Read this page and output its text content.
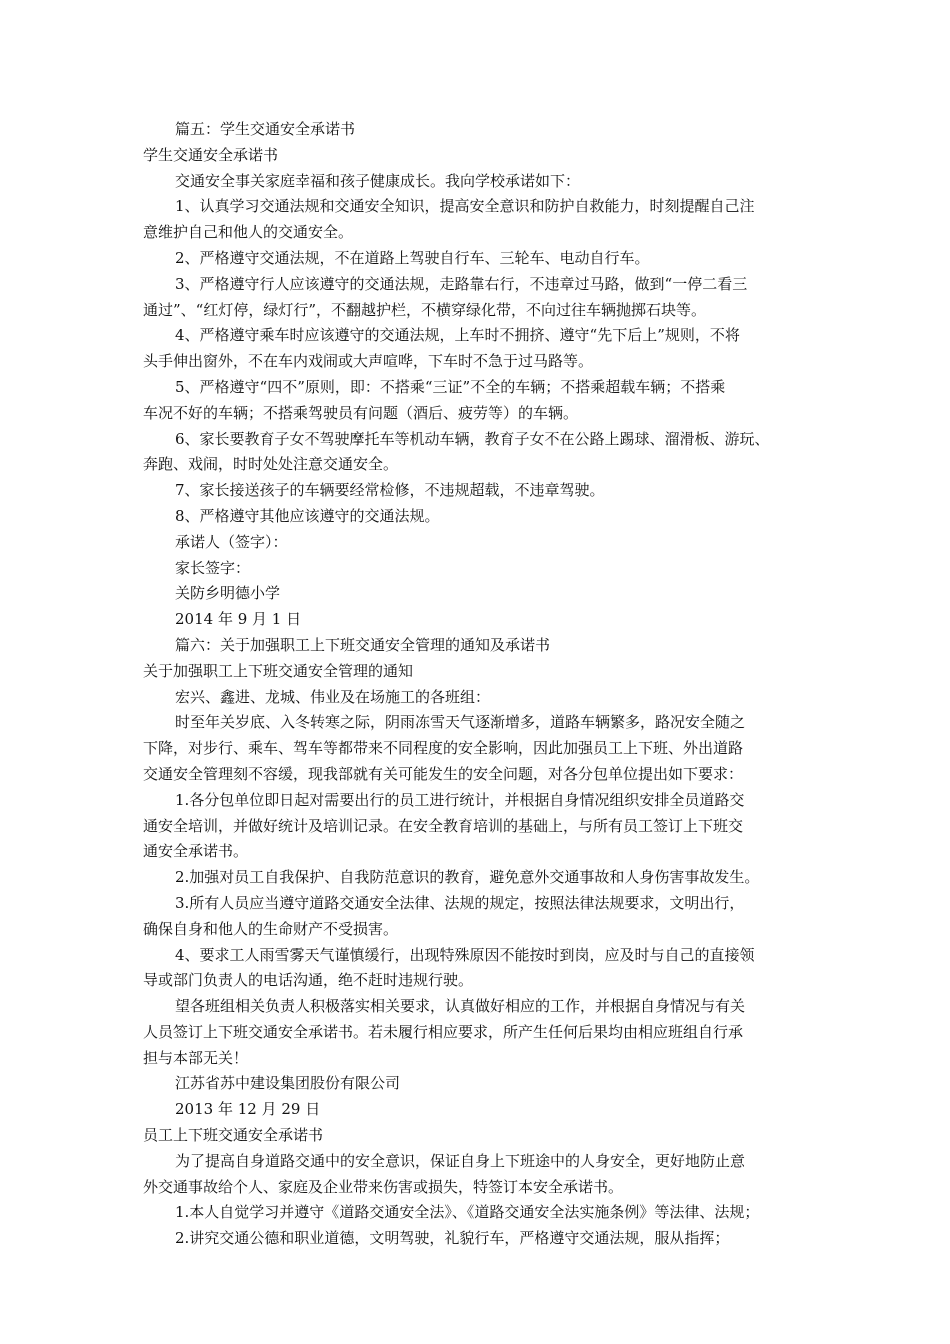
篇五：学生交通安全承诺书
学生交通安全承诺书
交通安全事关家庭幸福和孩子健康成长。我向学校承诺如下：
1、认真学习交通法规和交通安全知识，提高安全意识和防护自救能力，时刻提醒自己注
意维护自己和他人的交通安全。
2、严格遵守交通法规，不在道路上驾驶自行车、三轮车、电动自行车。
3、严格遵守行人应该遵守的交通法规，走路靠右行，不违章过马路，做到“一停二看三
通过”、“红灯停，绿灯行”，不翻越护栏，不横穿绿化带，不向过往车辆抛掷石块等。
4、严格遵守乘车时应该遵守的交通法规，上车时不拥挤、遵守“先下后上”规则，不将
头手伸出窗外，不在车内戏闹或大声喧哗，下车时不急于过马路等。
5、严格遵守“四不”原则，即：不搭乘“三证”不全的车辆；不搭乘超载车辆；不搭乘
车况不好的车辆；不搭乘驾驶员有问题（酒后、疲劳等）的车辆。
6、家长要教育子女不驾驶摩托车等机动车辆，教育子女不在公路上踢球、溜滑板、游玩、
奔跑、戏闹，时时处处注意交通安全。
7、家长接送孩子的车辆要经常检修，不违规超载，不违章驾驶。
8、严格遵守其他应该遵守的交通法规。
承诺人（签字）：
家长签字：
关防乡明德小学
2014 年 9 月 1 日
篇六：关于加强职工上下班交通安全管理的通知及承诺书
关于加强职工上下班交通安全管理的通知
宏兴、鑫进、龙城、伟业及在场施工的各班组：
时至年关岁底、入冬转寒之际，阴雨冻雪天气逐渐增多，道路车辆繁多，路况安全随之
下降，对步行、乘车、驾车等都带来不同程度的安全影响，因此加强员工上下班、外出道路
交通安全管理刻不容缓，现我部就有关可能发生的安全问题，对各分包单位提出如下要求：
1.各分包单位即日起对需要出行的员工进行统计，并根据自身情况组织安排全员道路交
通安全培训，并做好统计及培训记录。在安全教育培训的基础上，与所有员工签订上下班交
通安全承诺书。
2.加强对员工自我保护、自我防范意识的教育，避免意外交通事故和人身伤害事故发生。
3.所有人员应当遵守道路交通安全法律、法规的规定，按照法律法规要求，文明出行，
确保自身和他人的生命财产不受损害。
4、要求工人雨雪雾天气谨慎缓行，出现特殊原因不能按时到岗，应及时与自己的直接领
导或部门负责人的电话沟通，绝不赶时违规行驶。
望各班组相关负责人积极落实相关要求，认真做好相应的工作，并根据自身情况与有关
人员签订上下班交通安全承诺书。若未履行相应要求，所产生任何后果均由相应班组自行承
担与本部无关！
江苏省苏中建设集团股份有限公司
2013 年 12 月 29 日
员工上下班交通安全承诺书
为了提高自身道路交通中的安全意识，保证自身上下班途中的人身安全，更好地防止意
外交通事故给个人、家庭及企业带来伤害或损失，特签订本安全承诺书。
1.本人自觉学习并遵守《道路交通安全法》、《道路交通安全法实施条例》等法律、法规；
2.讲究交通公德和职业道德，文明驾驶，礼貌行车，严格遵守交通法规，服从指挥；
